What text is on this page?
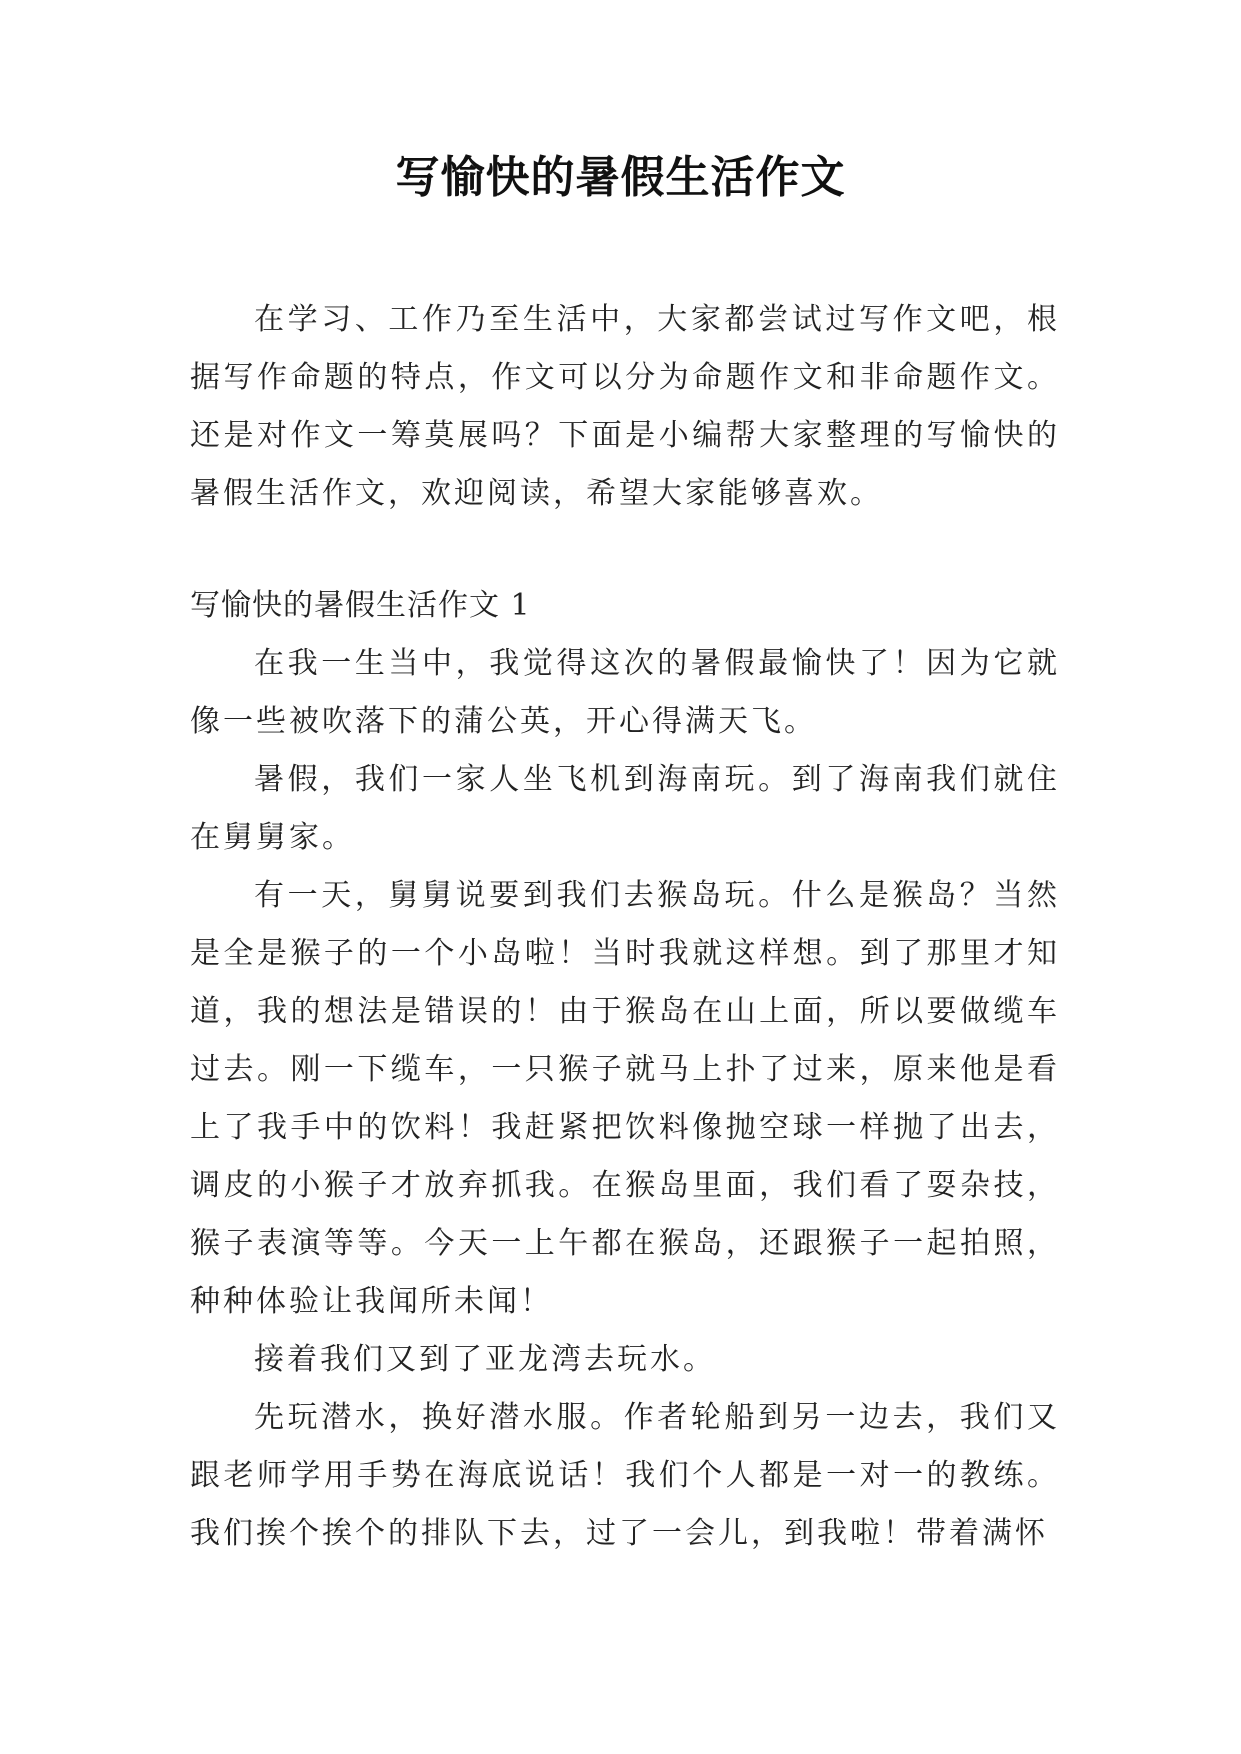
写愉快的暑假生活作文

在学习、工作乃至生活中，大家都尝试过写作文吧，根据写作命题的特点，作文可以分为命题作文和非命题作文。还是对作文一筹莫展吗？下面是小编帮大家整理的写愉快的暑假生活作文，欢迎阅读，希望大家能够喜欢。

写愉快的暑假生活作文 1

在我一生当中，我觉得这次的暑假最愉快了！因为它就像一些被吹落下的蒲公英，开心得满天飞。

暑假，我们一家人坐飞机到海南玩。到了海南我们就住在舅舅家。

有一天，舅舅说要到我们去猴岛玩。什么是猴岛？当然是全是猴子的一个小岛啦！当时我就这样想。到了那里才知道，我的想法是错误的！由于猴岛在山上面，所以要做缆车过去。刚一下缆车，一只猴子就马上扑了过来，原来他是看上了我手中的饮料！我赶紧把饮料像抛空球一样抛了出去，调皮的小猴子才放弃抓我。在猴岛里面，我们看了耍杂技，猴子表演等等。今天一上午都在猴岛，还跟猴子一起拍照，种种体验让我闻所未闻！

接着我们又到了亚龙湾去玩水。

先玩潜水，换好潜水服。作者轮船到另一边去，我们又跟老师学用手势在海底说话！我们个人都是一对一的教练。我们挨个挨个的排队下去，过了一会儿，到我啦！带着满怀
